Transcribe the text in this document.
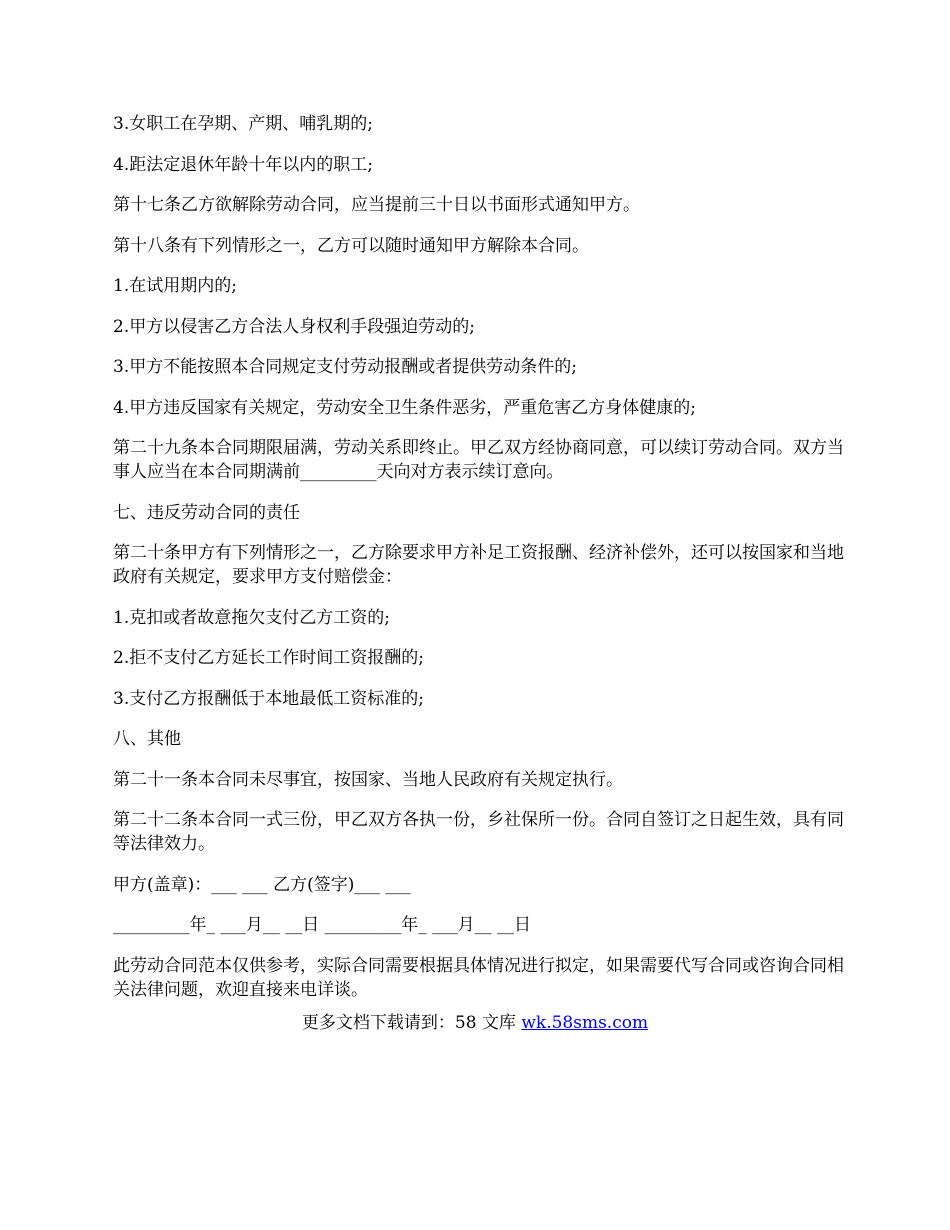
3.女职工在孕期、产期、哺乳期的;

4.距法定退休年龄十年以内的职工;

第十七条乙方欲解除劳动合同，应当提前三十日以书面形式通知甲方。

第十八条有下列情形之一，乙方可以随时通知甲方解除本合同。

1.在试用期内的;

2.甲方以侵害乙方合法人身权利手段强迫劳动的;

3.甲方不能按照本合同规定支付劳动报酬或者提供劳动条件的;

4.甲方违反国家有关规定，劳动安全卫生条件恶劣，严重危害乙方身体健康的;

第二十九条本合同期限届满，劳动关系即终止。甲乙双方经协商同意，可以续订劳动合同。双方当事人应当在本合同期满前_________天向对方表示续订意向。

七、违反劳动合同的责任

第二十条甲方有下列情形之一，乙方除要求甲方补足工资报酬、经济补偿外，还可以按国家和当地政府有关规定，要求甲方支付赔偿金：

1.克扣或者故意拖欠支付乙方工资的;

2.拒不支付乙方延长工作时间工资报酬的;

3.支付乙方报酬低于本地最低工资标准的;

八、其他

第二十一条本合同未尽事宜，按国家、当地人民政府有关规定执行。

第二十二条本合同一式三份，甲乙双方各执一份，乡社保所一份。合同自签订之日起生效，具有同等法律效力。

甲方(盖章)：___ ___ 乙方(签字)___ ___

_________年_ ___月__ __日 _________年_ ___月__ __日

此劳动合同范本仅供参考，实际合同需要根据具体情况进行拟定，如果需要代写合同或咨询合同相关法律问题，欢迎直接来电详谈。

更多文档下载请到：58 文库 wk.58sms.com
